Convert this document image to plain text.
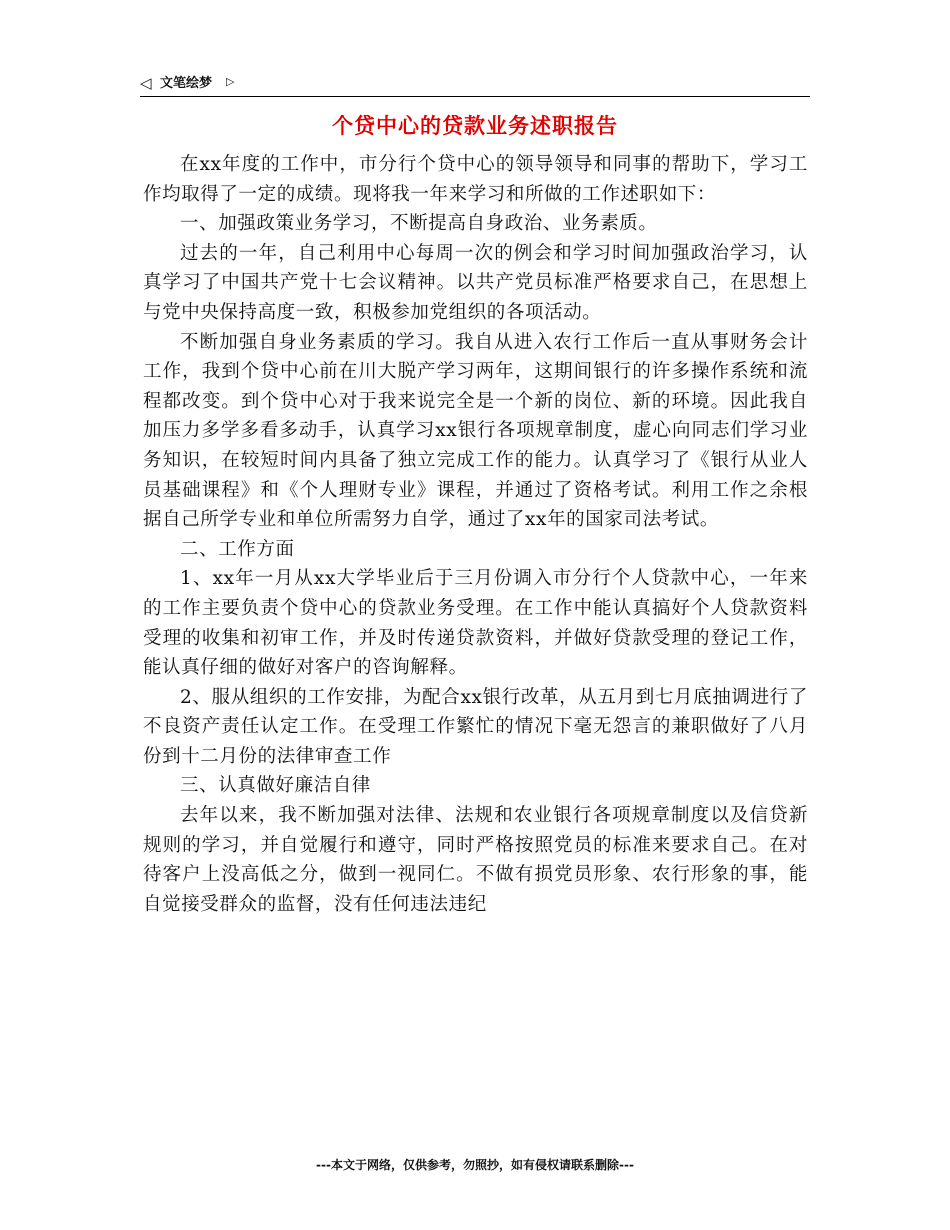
◁ 文笔绘梦 ▷
个贷中心的贷款业务述职报告

在xx年度的工作中，市分行个贷中心的领导领导和同事的帮助下，学习工作均取得了一定的成绩。现将我一年来学习和所做的工作述职如下：

一、加强政策业务学习，不断提高自身政治、业务素质。

过去的一年，自己利用中心每周一次的例会和学习时间加强政治学习，认真学习了中国共产党十七会议精神。以共产党员标准严格要求自己，在思想上与党中央保持高度一致，积极参加党组织的各项活动。

不断加强自身业务素质的学习。我自从进入农行工作后一直从事财务会计工作，我到个贷中心前在川大脱产学习两年，这期间银行的许多操作系统和流程都改变。到个贷中心对于我来说完全是一个新的岗位、新的环境。因此我自加压力多学多看多动手，认真学习xx银行各项规章制度，虚心向同志们学习业务知识，在较短时间内具备了独立完成工作的能力。认真学习了《银行从业人员基础课程》和《个人理财专业》课程，并通过了资格考试。利用工作之余根据自己所学专业和单位所需努力自学，通过了xx年的国家司法考试。

二、工作方面

1、xx年一月从xx大学毕业后于三月份调入市分行个人贷款中心，一年来的工作主要负责个贷中心的贷款业务受理。在工作中能认真搞好个人贷款资料受理的收集和初审工作，并及时传递贷款资料，并做好贷款受理的登记工作，能认真仔细的做好对客户的咨询解释。

2、服从组织的工作安排，为配合xx银行改革，从五月到七月底抽调进行了不良资产责任认定工作。在受理工作繁忙的情况下毫无怨言的兼职做好了八月份到十二月份的法律审查工作

三、认真做好廉洁自律

去年以来，我不断加强对法律、法规和农业银行各项规章制度以及信贷新规则的学习，并自觉履行和遵守，同时严格按照党员的标准来要求自己。在对待客户上没高低之分，做到一视同仁。不做有损党员形象、农行形象的事，能自觉接受群众的监督，没有任何违法违纪

---本文于网络，仅供参考，勿照抄，如有侵权请联系删除---
